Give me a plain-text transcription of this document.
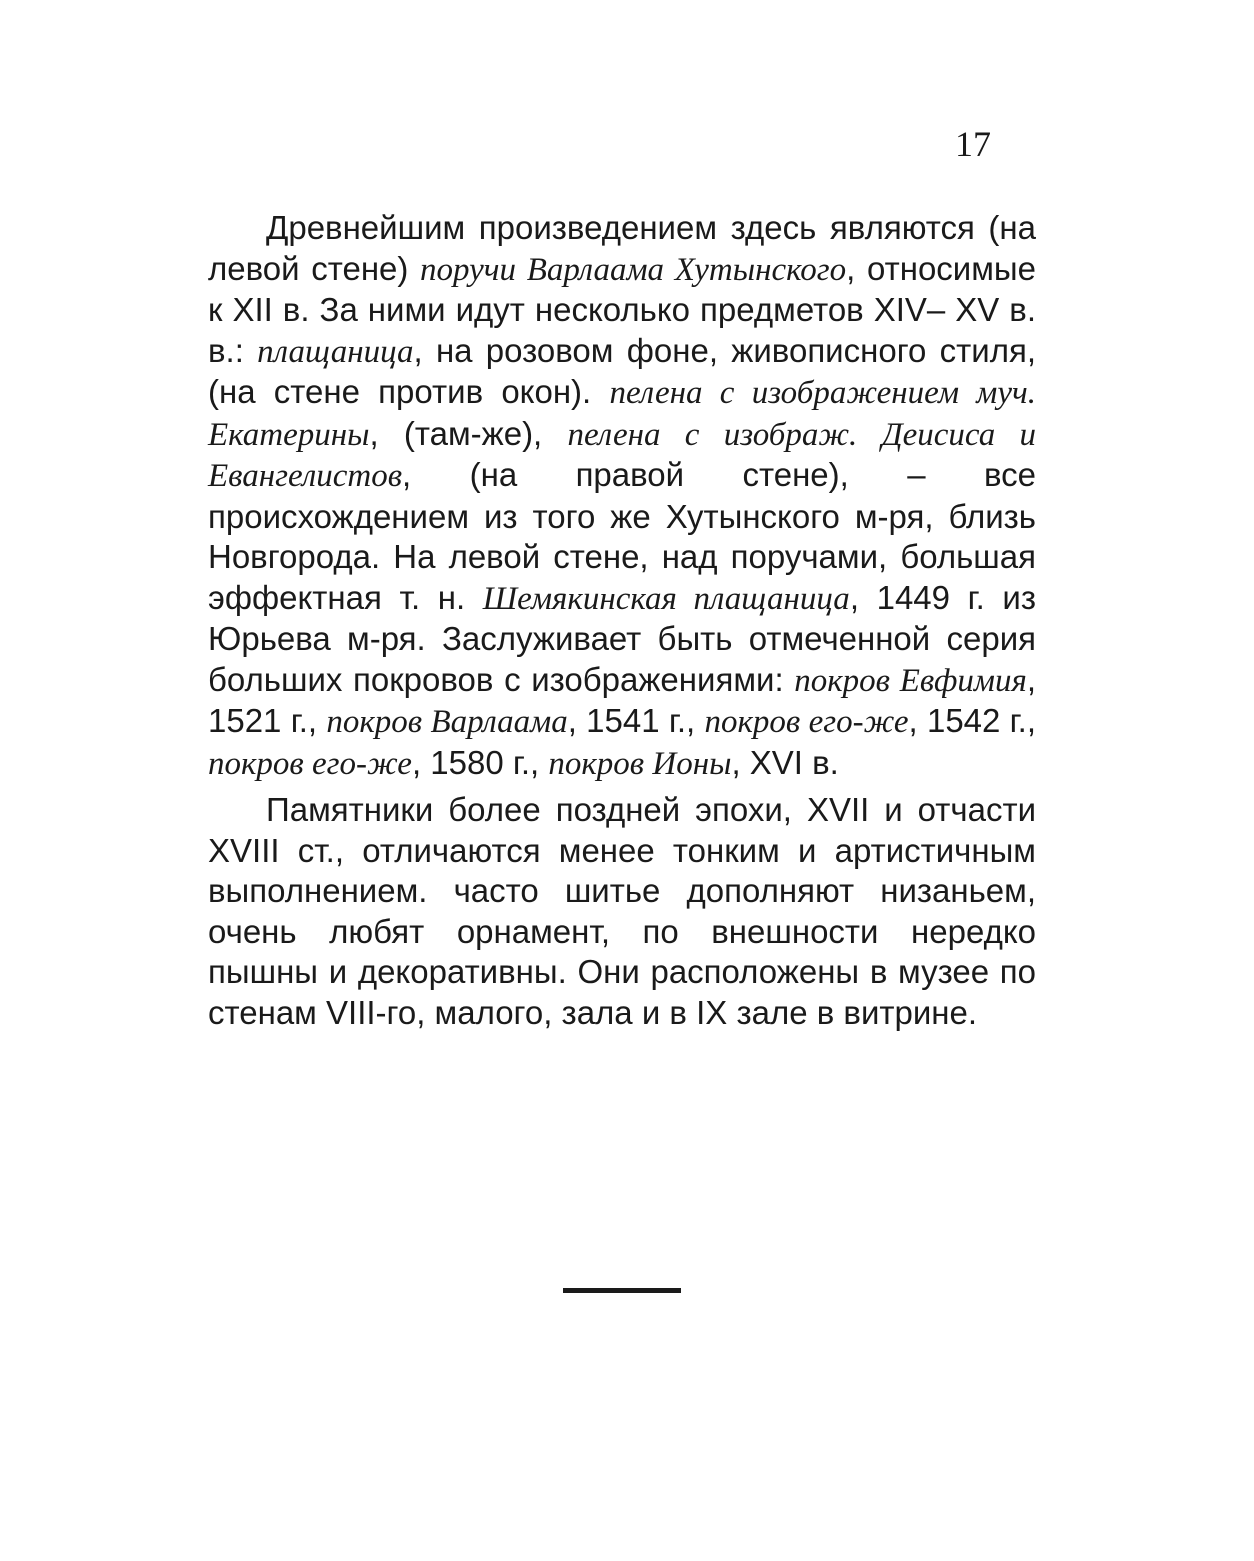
17

Древнейшим произведением здесь являются (на левой стене) поручи Варлаама Хутынского, относимые к XII в. За ними идут несколько предметов XIV– XV в. в.: плащаница, на розовом фоне, живописного стиля, (на стене против окон). пелена с изображением муч. Екатерины, (там-же), пелена с изображ. Деисиса и Евангелистов, (на правой стене), – все происхождением из того же Хутынского м-ря, близь Новгорода. На левой стене, над поручами, большая эффектная т. н. Шемякинская плащаница, 1449 г. из Юрьева м-ря. Заслуживает быть отмеченной серия больших покровов с изображениями: покров Евфимия, 1521 г., покров Варлаама, 1541 г., покров его-же, 1542 г., покров его-же, 1580 г., покров Ионы, XVI в.

Памятники более поздней эпохи, XVII и отчасти XVIII ст., отличаются менее тонким и артистичным выполнением. часто шитье дополняют низаньем, очень любят орнамент, по внешности нередко пышны и декоративны. Они расположены в музее по стенам VIII-го, малого, зала и в IX зале в витрине.
